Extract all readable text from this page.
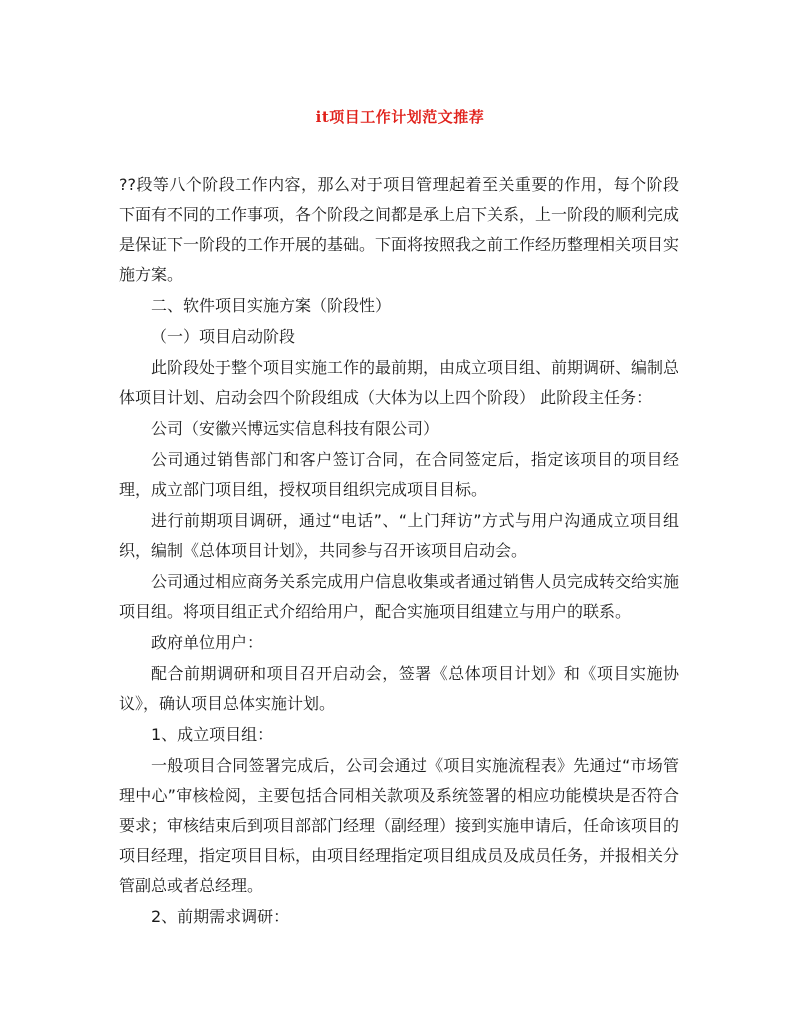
it项目工作计划范文推荐

??段等八个阶段工作内容，那么对于项目管理起着至关重要的作用，每个阶段下面有不同的工作事项，各个阶段之间都是承上启下关系，上一阶段的顺利完成是保证下一阶段的工作开展的基础。下面将按照我之前工作经历整理相关项目实施方案。

二、软件项目实施方案（阶段性）

（一）项目启动阶段

此阶段处于整个项目实施工作的最前期，由成立项目组、前期调研、编制总体项目计划、启动会四个阶段组成（大体为以上四个阶段） 此阶段主任务：

公司（安徽兴博远实信息科技有限公司）

公司通过销售部门和客户签订合同，在合同签定后，指定该项目的项目经理，成立部门项目组，授权项目组织完成项目目标。

进行前期项目调研，通过“电话”、“上门拜访”方式与用户沟通成立项目组织，编制《总体项目计划》，共同参与召开该项目启动会。

公司通过相应商务关系完成用户信息收集或者通过销售人员完成转交给实施项目组。将项目组正式介绍给用户，配合实施项目组建立与用户的联系。

政府单位用户：

配合前期调研和项目召开启动会，签署《总体项目计划》和《项目实施协议》，确认项目总体实施计划。

1、成立项目组：

一般项目合同签署完成后，公司会通过《项目实施流程表》先通过“市场管理中心”审核检阅，主要包括合同相关款项及系统签署的相应功能模块是否符合要求；审核结束后到项目部部门经理（副经理）接到实施申请后，任命该项目的项目经理，指定项目目标，由项目经理指定项目组成员及成员任务，并报相关分管副总或者总经理。

2、前期需求调研：
